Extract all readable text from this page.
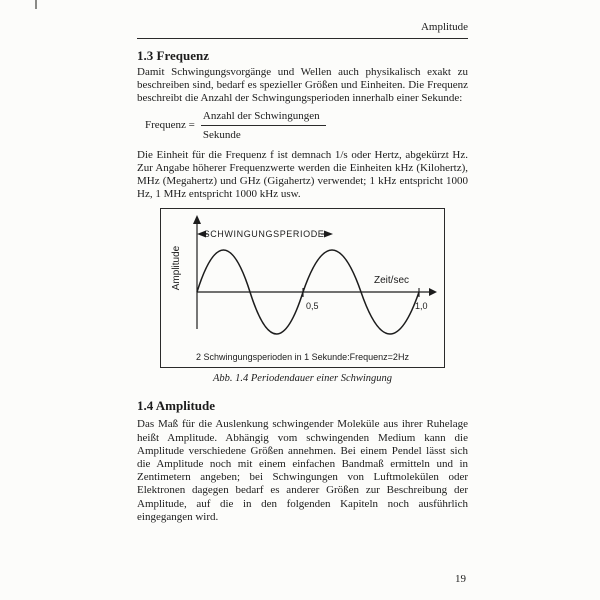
Amplitude
1.3 Frequenz

Damit Schwingungsvorgänge und Wellen auch physikalisch exakt zu beschreiben sind, bedarf es spezieller Größen und Einheiten. Die Frequenz beschreibt die Anzahl der Schwingungsperioden innerhalb einer Sekunde:

Frequenz = $\frac{\text{Anzahl der Schwingungen}}{\text{Sekunde}}$

Die Einheit für die Frequenz f ist demnach 1/s oder Hertz, abgekürzt Hz. Zur Angabe höherer Frequenzwerte werden die Einheiten kHz (Kilohertz), MHz (Megahertz) und GHz (Gigahertz) verwendet; 1 kHz entspricht 1000 Hz, 1 MHz entspricht 1000 kHz usw.

SCHWINGUNGSPERIODE
Amplitude	Zeit/sec
0,5	1,0
2 Schwingungsperioden in 1 Sekunde:Frequenz=2Hz
Abb. 1.4 Periodendauer einer Schwingung
1.4 Amplitude

Das Maß für die Auslenkung schwingender Moleküle aus ihrer Ruhelage heißt Amplitude. Abhängig vom schwingenden Medium kann die Amplitude verschiedene Größen annehmen. Bei einem Pendel lässt sich die Amplitude noch mit einem einfachen Bandmaß ermitteln und in Zentimetern angeben; bei Schwingungen von Luftmolekülen oder Elektronen dagegen bedarf es anderer Größen zur Beschreibung der Amplitude, auf die in den folgenden Kapiteln noch ausführlich eingegangen wird.

19
